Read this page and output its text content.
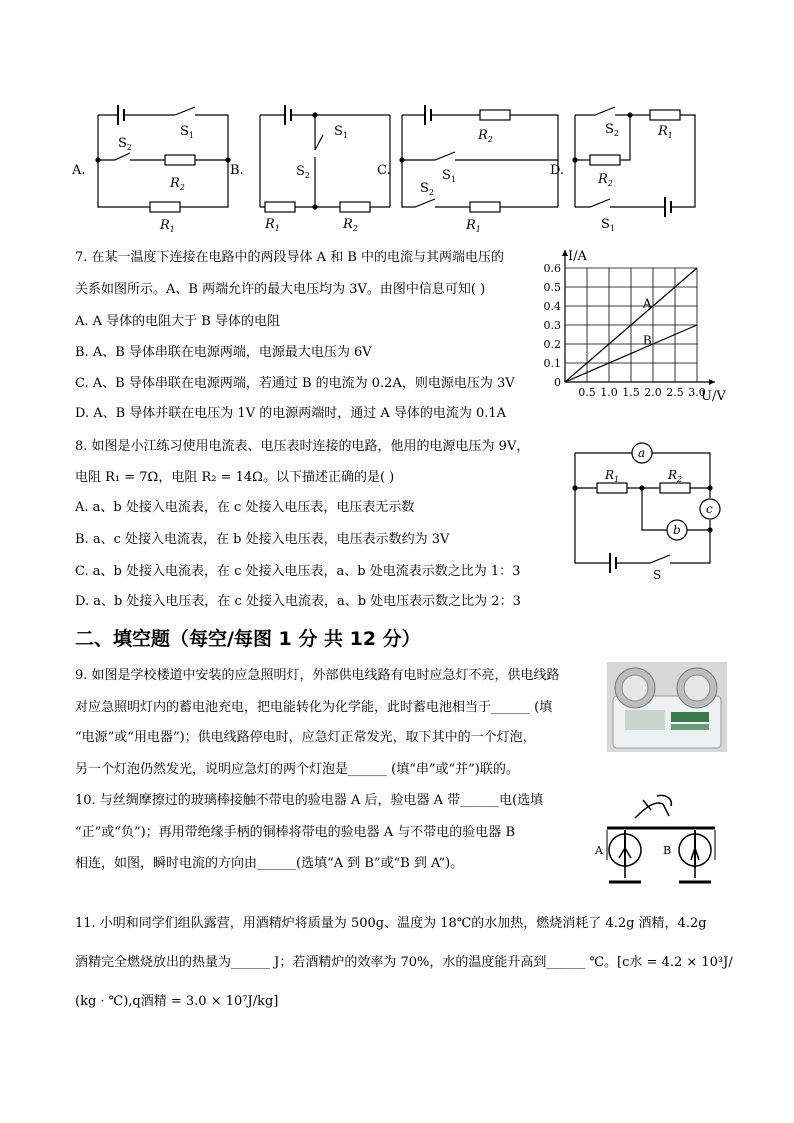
A.
$S_1$
$S_2$
$R_2$
$R_1$
B.
$S_1$
$S_2$
$R_1$	$R_2$
C.
$R_2$
$S_1$
$S_2$
$R_1$
D.
$S_2$	$R_1$
$R_2$
$S_1$
7. 在某一温度下连接在电路中的两段导体 A 和 B 中的电流与其两端电压的
关系如图所示。A、B 两端允许的最大电压均为 3V。由图中信息可知( )
A. A 导体的电阻大于 B 导体的电阻
B. A、B 导体串联在电源两端，电源最大电压为 6V
C. A、B 导体串联在电源两端，若通过 B 的电流为 0.2A，则电源电压为 3V
D. A、B 导体并联在电压为 1V 的电源两端时，通过 A 导体的电流为 0.1A
0.5 1.0 1.5 2.0 2.5 3.0
0.6
0.5
0.4
0.3
0.2
0.1
0
I/A
U/V
A
B
8. 如图是小江练习使用电流表、电压表时连接的电路，他用的电源电压为 9V，
电阻 R₁ = 7Ω，电阻 R₂ = 14Ω。以下描述正确的是( )
A. a、b 处接入电流表，在 c 处接入电压表，电压表无示数
B. a、c 处接入电流表，在 b 处接入电压表，电压表示数约为 3V
C. a、b 处接入电流表，在 c 处接入电压表，a、b 处电流表示数之比为 1：3
D. a、b 处接入电压表，在 c 处接入电流表，a、b 处电压表示数之比为 2：3
a
c
b
$R_1$	$R_2$
S
二、填空题（每空/每图 1 分 共 12 分）
9. 如图是学校楼道中安装的应急照明灯，外部供电线路有电时应急灯不亮，供电线路
对应急照明灯内的蓄电池充电，把电能转化为化学能，此时蓄电池相当于______ (填
“电源”或“用电器”)；供电线路停电时，应急灯正常发光，取下其中的一个灯泡，
另一个灯泡仍然发光，说明应急灯的两个灯泡是______ (填“串”或“并”)联的。
10. 与丝绸摩擦过的玻璃棒接触不带电的验电器 A 后，验电器 A 带______电(选填
“正”或“负”)；再用带绝缘手柄的铜棒将带电的验电器 A 与不带电的验电器 B
相连，如图，瞬时电流的方向由______(选填“A 到 B”或“B 到 A”)。
A	B
11. 小明和同学们组队露营，用酒精炉将质量为 500g、温度为 18℃的水加热，燃烧消耗了 4.2g 酒精，4.2g
酒精完全燃烧放出的热量为______ J；若酒精炉的效率为 70%，水的温度能升高到______ ℃。[c水 = 4.2 × 10³J/
(kg · ℃),q酒精 = 3.0 × 10⁷J/kg]
